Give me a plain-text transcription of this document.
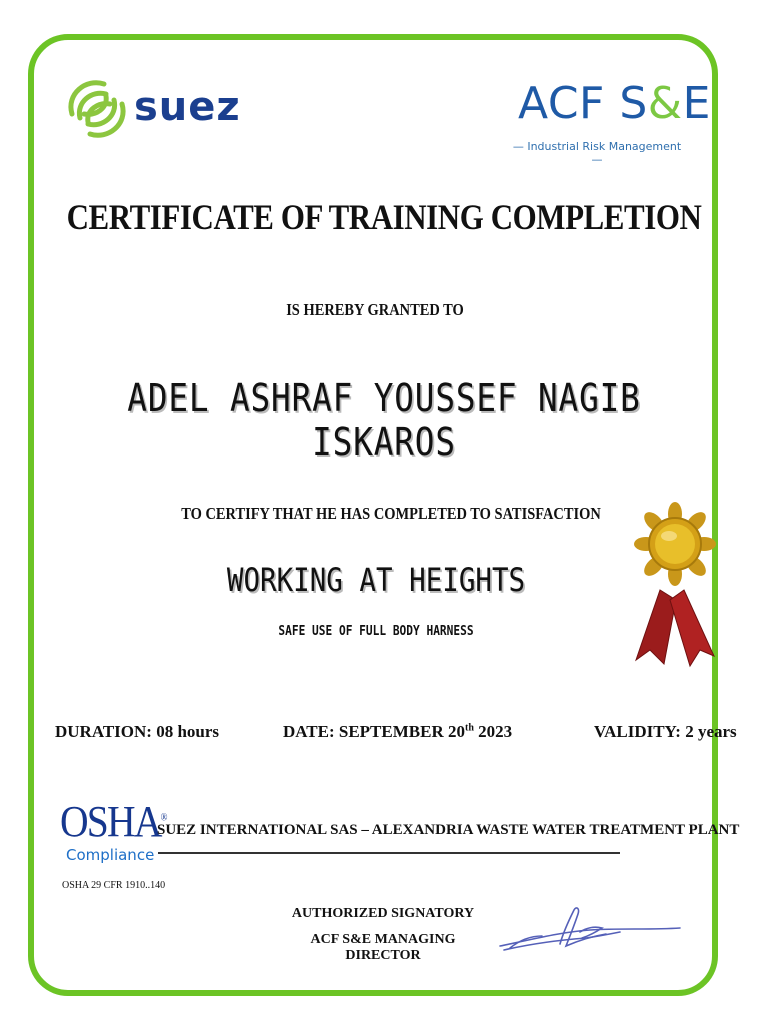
suez	ACF S&E
— Industrial Risk Management —
CERTIFICATE OF TRAINING COMPLETION
IS HEREBY GRANTED TO
ADEL ASHRAF YOUSSEF NAGIB ISKAROS
TO CERTIFY THAT HE HAS COMPLETED TO SATISFACTION
WORKING AT HEIGHTS
SAFE USE OF FULL BODY HARNESS
DURATION: 08 hours	DATE: SEPTEMBER 20th 2023	VALIDITY: 2 years
OSHA®
Compliance
OSHA 29 CFR 1910..140
SUEZ INTERNATIONAL SAS – ALEXANDRIA WASTE WATER TREATMENT PLANT
AUTHORIZED SIGNATORY
ACF S&E MANAGING DIRECTOR
